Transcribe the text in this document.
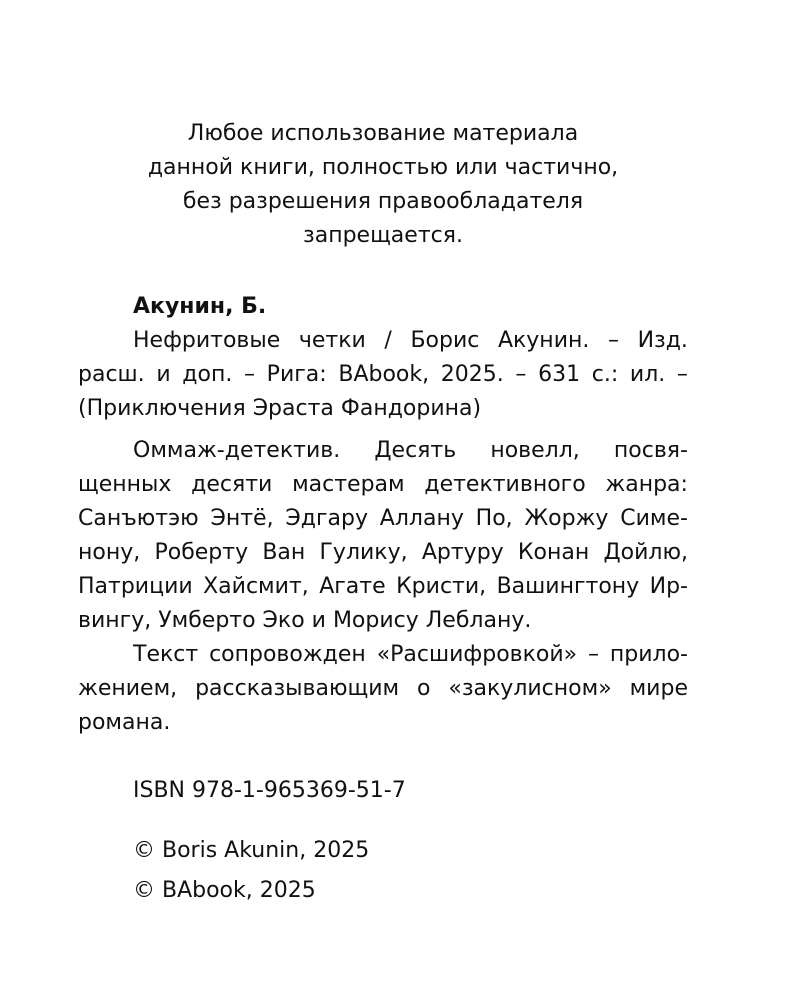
Любое использование материала
данной книги, полностью или частично,
без разрешения правообладателя
запрещается.
Акунин, Б.
Нефритовые четки / Борис Акунин. – Изд.
расш. и доп. – Рига: BAbook, 2025. – 631 с.: ил. –
(Приключения Эраста Фандорина)
Оммаж-детектив. Десять новелл, посвя-
щенных десяти мастерам детективного жанра:
Санъютэю Энтё, Эдгару Аллану По, Жоржу Симе-
нону, Роберту Ван Гулику, Артуру Конан Дойлю,
Патриции Хайсмит, Агате Кристи, Вашингтону Ир-
вингу, Умберто Эко и Морису Леблану.
Текст сопровожден «Расшифровкой» – прило-
жением, рассказывающим о «закулисном» мире
романа.
ISBN 978-1-965369-51-7
© Boris Akunin, 2025
© BAbook, 2025
